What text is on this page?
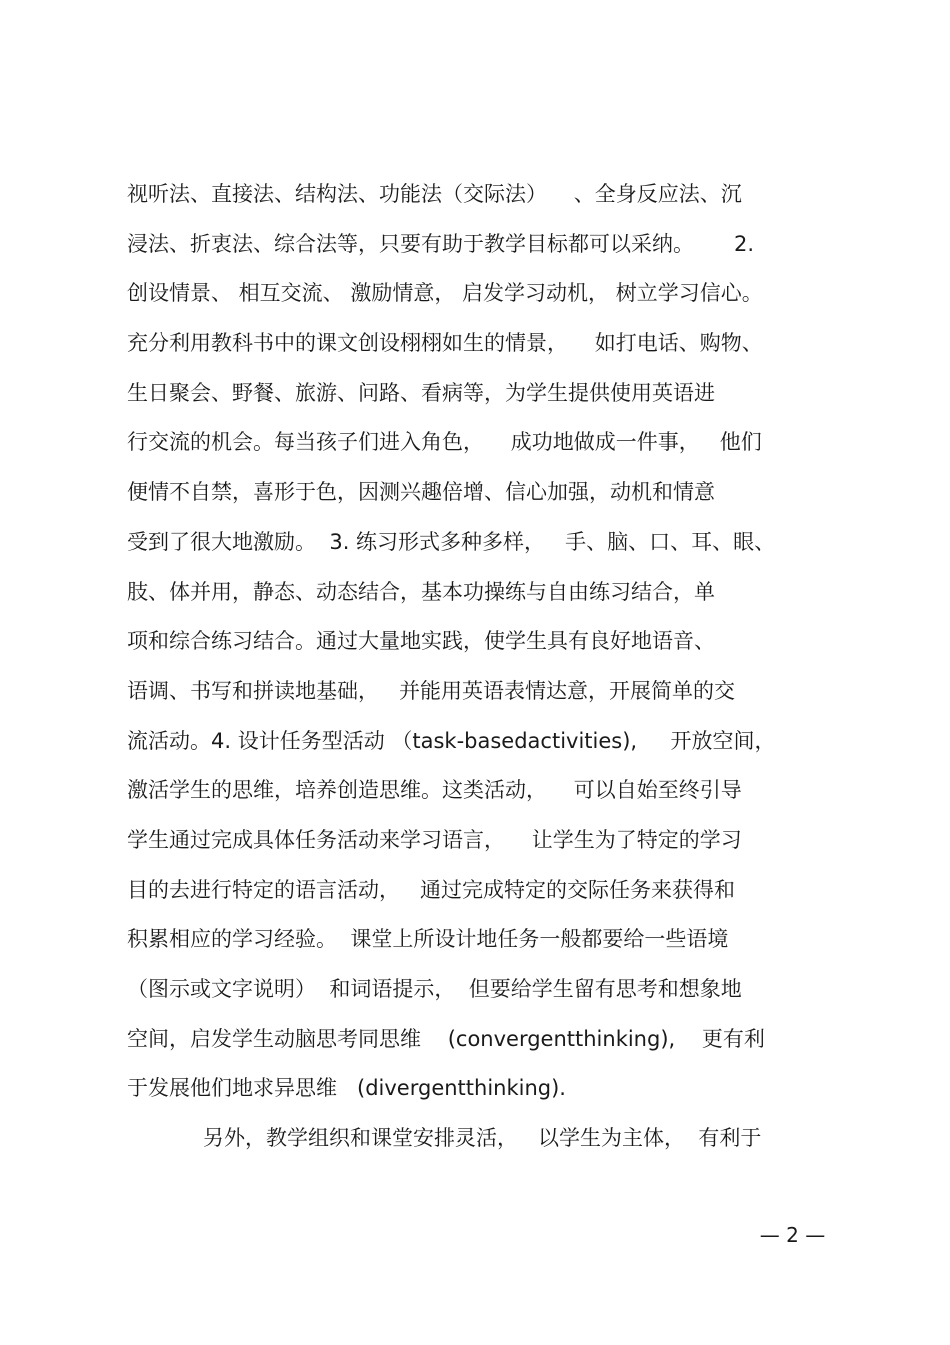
视听法、直接法、结构法、功能法（交际法）    、全身反应法、沉
浸法、折衷法、综合法等，只要有助于教学目标都可以采纳。      2.
创设情景、 相互交流、 激励情意， 启发学习动机， 树立学习信心。
充分利用教科书中的课文创设栩栩如生的情景，    如打电话、购物、
生日聚会、野餐、旅游、问路、看病等，为学生提供使用英语进
行交流的机会。每当孩子们进入角色，    成功地做成一件事，   他们
便情不自禁，喜形于色，因测兴趣倍增、信心加强，动机和情意
受到了很大地激励。  3. 练习形式多种多样，   手、脑、口、耳、眼、
肢、体并用，静态、动态结合，基本功操练与自由练习结合，单
项和综合练习结合。通过大量地实践，使学生具有良好地语音、
语调、书写和拼读地基础，   并能用英语表情达意，开展简单的交
流活动。4. 设计任务型活动 （task-basedactivities),     开放空间，
激活学生的思维，培养创造思维。这类活动，    可以自始至终引导
学生通过完成具体任务活动来学习语言，    让学生为了特定的学习
目的去进行特定的语言活动，   通过完成特定的交际任务来获得和
积累相应的学习经验。  课堂上所设计地任务一般都要给一些语境
（图示或文字说明）  和词语提示，  但要给学生留有思考和想象地
空间，启发学生动脑思考同思维    (convergentthinking),    更有利
于发展他们地求异思维   (divergentthinking).
另外，教学组织和课堂安排灵活，   以学生为主体，  有利于
— 2 —
